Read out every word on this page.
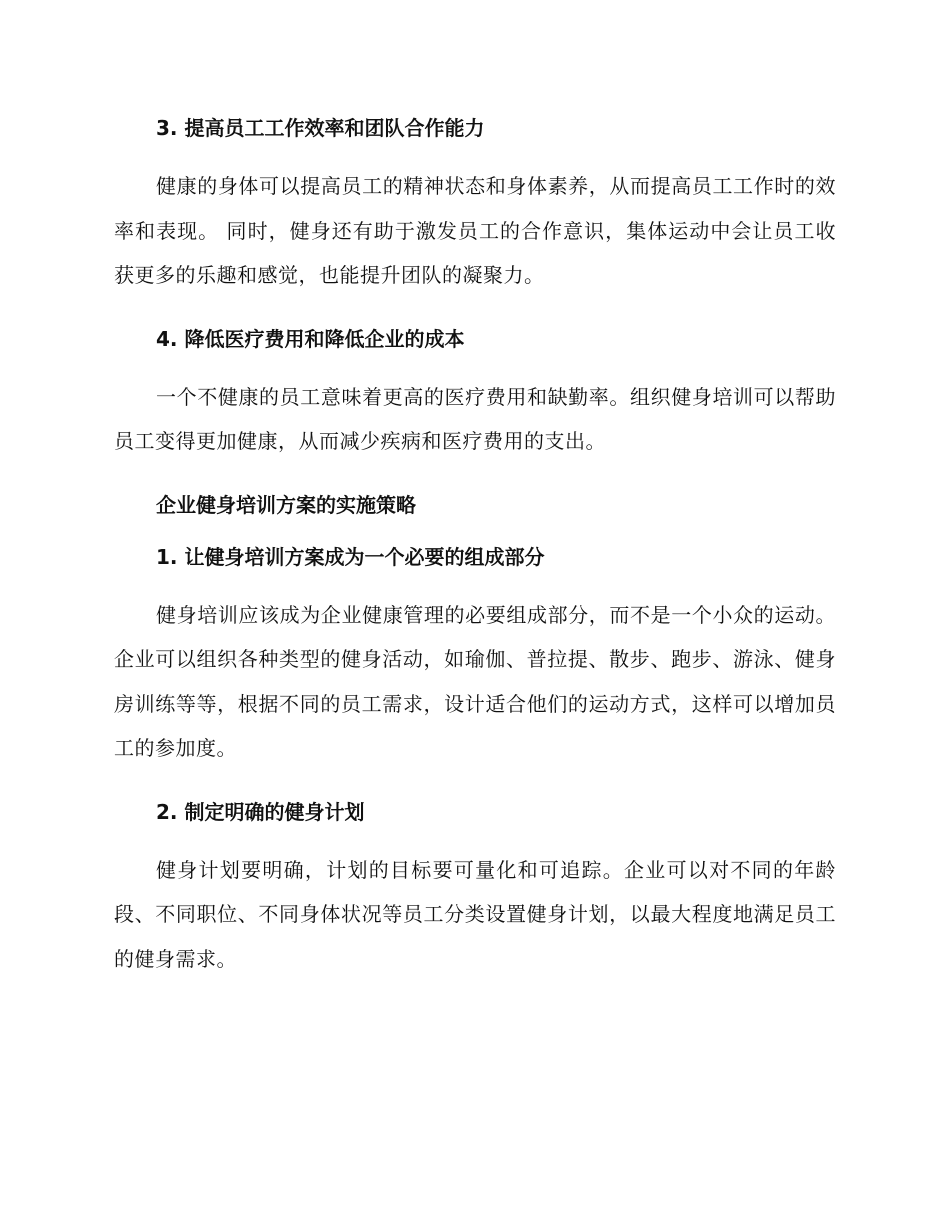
3. 提高员工工作效率和团队合作能力

健康的身体可以提高员工的精神状态和身体素养，从而提高员工工作时的效率和表现。 同时，健身还有助于激发员工的合作意识，集体运动中会让员工收获更多的乐趣和感觉，也能提升团队的凝聚力。

4. 降低医疗费用和降低企业的成本

一个不健康的员工意味着更高的医疗费用和缺勤率。组织健身培训可以帮助员工变得更加健康，从而减少疾病和医疗费用的支出。

企业健身培训方案的实施策略
1. 让健身培训方案成为一个必要的组成部分

健身培训应该成为企业健康管理的必要组成部分，而不是一个小众的运动。企业可以组织各种类型的健身活动，如瑜伽、普拉提、散步、跑步、游泳、健身房训练等等，根据不同的员工需求，设计适合他们的运动方式，这样可以增加员工的参加度。

2. 制定明确的健身计划

健身计划要明确，计划的目标要可量化和可追踪。企业可以对不同的年龄段、不同职位、不同身体状况等员工分类设置健身计划，以最大程度地满足员工的健身需求。
